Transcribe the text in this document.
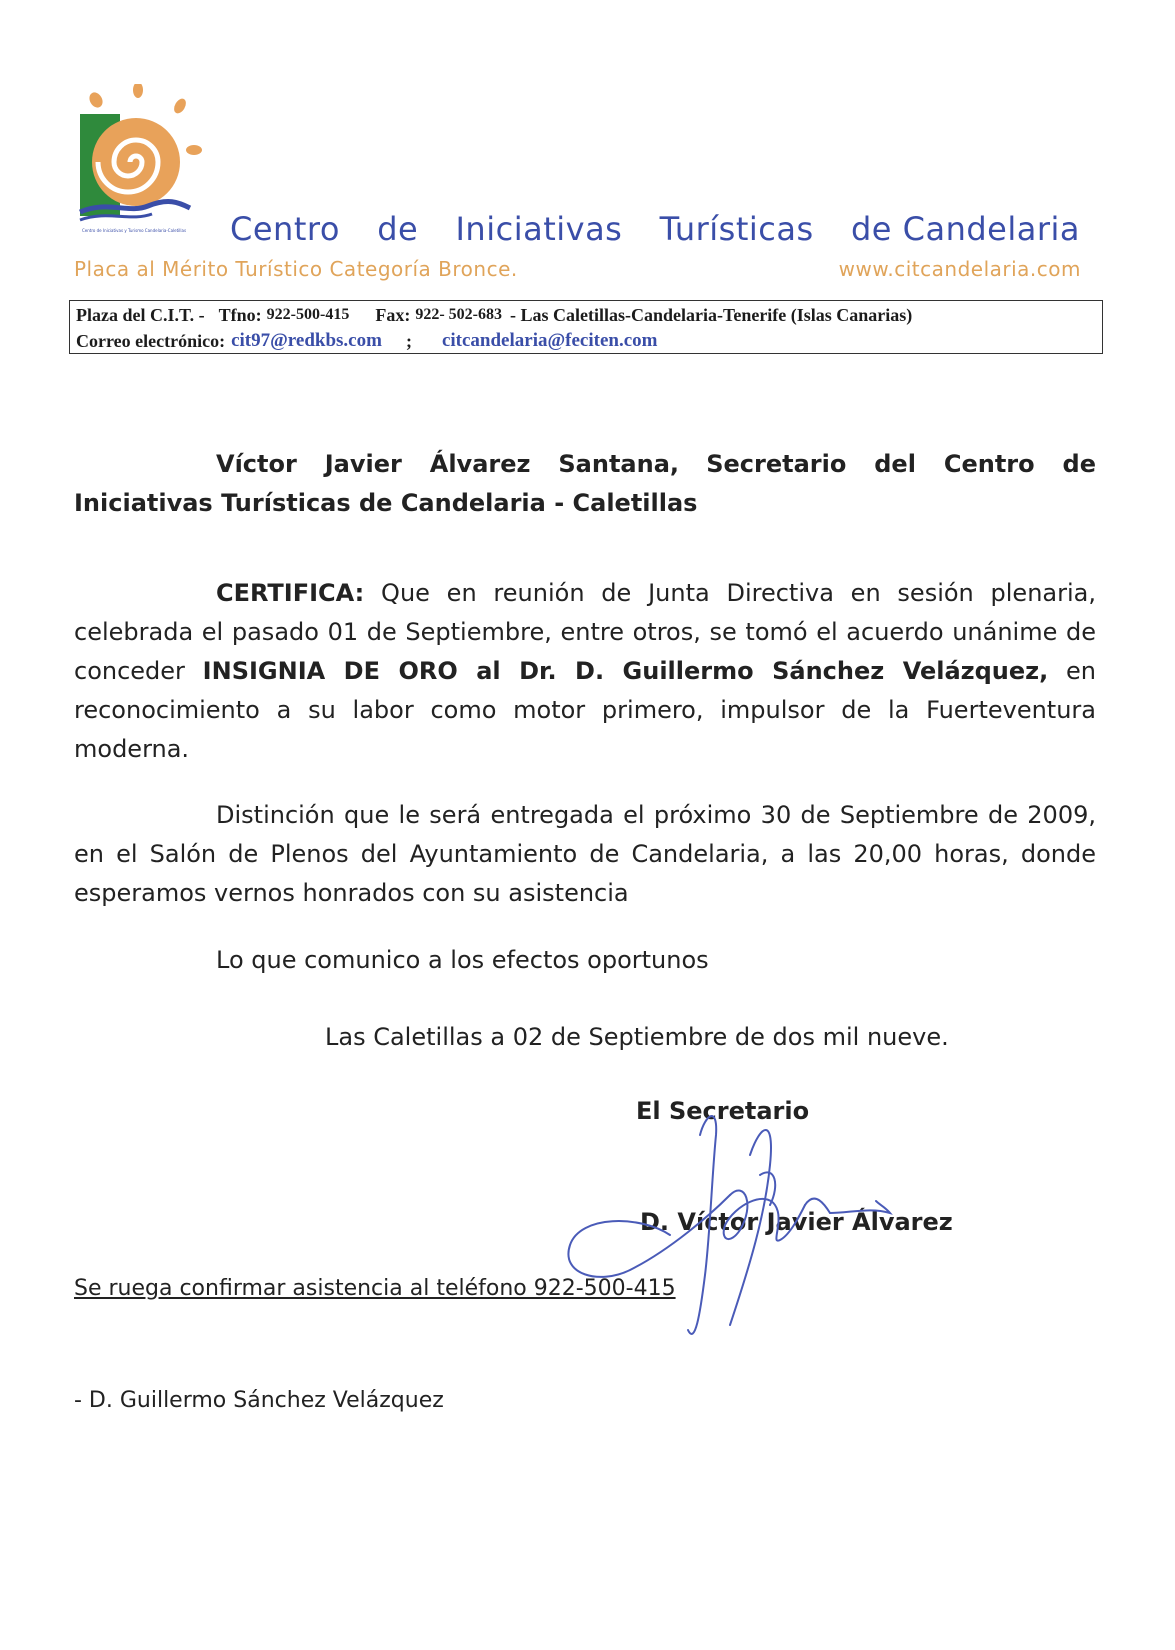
Centro de Iniciativas y Turismo Candelaria-Caletillas Centro de Iniciativas Turísticas de Candelaria
Placa al Mérito Turístico Categoría Bronce.	www.citcandelaria.com
Plaza del C.I.T. - Tfno: 922-500-415 Fax: 922- 502-683 - Las Caletillas-Candelaria-Tenerife (Islas Canarias)
Correo electrónico: cit97@redkbs.com ; citcandelaria@feciten.com
Víctor Javier Álvarez Santana, Secretario del Centro de Iniciativas Turísticas de Candelaria - Caletillas
CERTIFICA: Que en reunión de Junta Directiva en sesión plenaria, celebrada el pasado 01 de Septiembre, entre otros, se tomó el acuerdo unánime de conceder INSIGNIA DE ORO al Dr. D. Guillermo Sánchez Velázquez, en reconocimiento a su labor como motor primero, impulsor de la Fuerteventura moderna.
Distinción que le será entregada el próximo 30 de Septiembre de 2009, en el Salón de Plenos del Ayuntamiento de Candelaria, a las 20,00 horas, donde esperamos vernos honrados con su asistencia
Lo que comunico a los efectos oportunos
Las Caletillas a 02 de Septiembre de dos mil nueve.
El Secretario
D. Víctor Javier Álvarez
Se ruega confirmar asistencia al teléfono 922-500-415
- D. Guillermo Sánchez Velázquez
